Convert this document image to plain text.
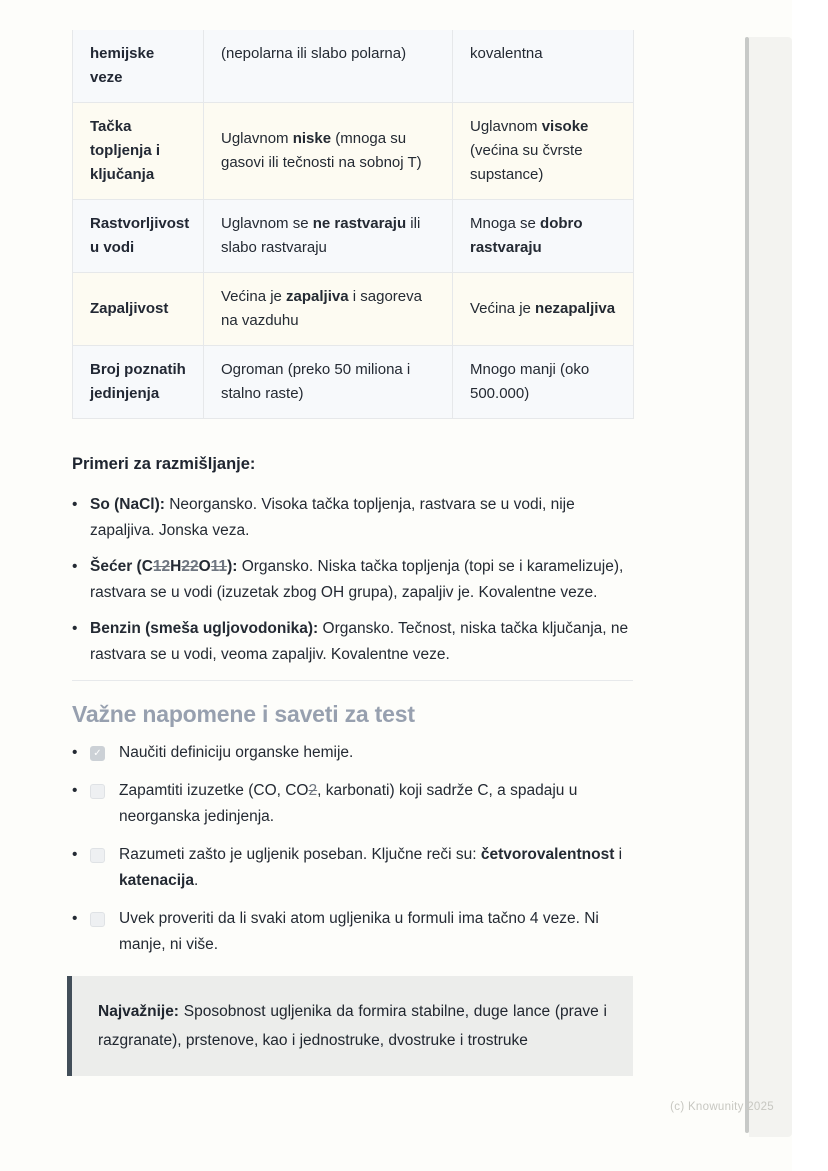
hemijske veze	(nepolarna ili slabo polarna)	kovalentna
Tačka topljenja i ključanja	Uglavnom niske (mnoga su gasovi ili tečnosti na sobnoj T)	Uglavnom visoke (većina su čvrste supstance)
Rastvorljivost u vodi	Uglavnom se ne rastvaraju ili slabo rastvaraju	Mnoga se dobro rastvaraju
Zapaljivost	Većina je zapaljiva i sagoreva na vazduhu	Većina je nezapaljiva
Broj poznatih jedinjenja	Ogroman (preko 50 miliona i stalno raste)	Mnogo manji (oko 500.000)
Primeri za razmišljanje:
• So (NaCl): Neorgansko. Visoka tačka topljenja, rastvara se u vodi, nije zapaljiva. Jonska veza.
• Šećer (C12H22O11): Organsko. Niska tačka topljenja (topi se i karamelizuje), rastvara se u vodi (izuzetak zbog OH grupa), zapaljiv je. Kovalentne veze.
• Benzin (smeša ugljovodonika): Organsko. Tečnost, niska tačka ključanja, ne rastvara se u vodi, veoma zapaljiv. Kovalentne veze.
Važne napomene i saveti za test
•	✓ Naučiti definiciju organske hemije.
•	Zapamtiti izuzetke (CO, CO2, karbonati) koji sadrže C, a spadaju u neorganska jedinjenja.
•	Razumeti zašto je ugljenik poseban. Ključne reči su: četvorovalentnost i katenacija.
•	Uvek proveriti da li svaki atom ugljenika u formuli ima tačno 4 veze. Ni manje, ni više.

Najvažnije: Sposobnost ugljenika da formira stabilne, duge lance (prave i razgranate), prstenove, kao i jednostruke, dvostruke i trostruke

(c) Knowunity 2025
